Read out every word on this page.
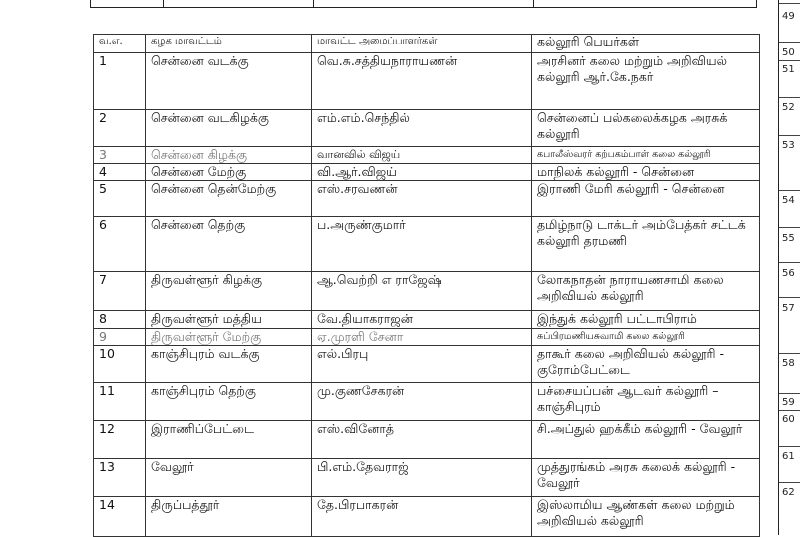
வ.எ.	கழக மாவட்டம்	மாவட்ட அமைப்பாளர்கள்	கல்லூரி பெயர்கள்
1	சென்னை வடக்கு	வெ.சு.சத்தியநாராயணன்	அரசினர் கலை மற்றும் அறிவியல் கல்லூரி ஆர்.கே.நகர்
2	சென்னை வடகிழக்கு	எம்.எம்.செந்தில்	சென்னைப் பல்கலைக்கழக அரசுக் கல்லூரி
3	சென்னை கிழக்கு	வானவில் விஜய்	கபாலீஸ்வரர் கற்பகம்பாள் கலை கல்லூரி
4	சென்னை மேற்கு	வி.ஆர்.விஜய்	மாநிலக் கல்லூரி - சென்னை
5	சென்னை தென்மேற்கு	எஸ்.சரவணன்	இராணி மேரி கல்லூரி - சென்னை
6	சென்னை தெற்கு	ப.அருண்குமார்	தமிழ்நாடு டாக்டர் அம்பேத்கர் சட்டக் கல்லூரி தரமணி
7	திருவள்ளூர் கிழக்கு	ஆ.வெற்றி எ ராஜேஷ்	லோகநாதன் நாராயணசாமி கலை அறிவியல் கல்லூரி
8	திருவள்ளூர் மத்திய	வே.தியாகராஜன்	இந்துக் கல்லூரி பட்டாபிராம்
9	திருவள்ளூர் மேற்கு	ஏ.முரளி சேனா	சுப்பிரமணியசுவாமி கலை கல்லூரி
10	காஞ்சிபுரம் வடக்கு	எல்.பிரபு	தாகூர் கலை அறிவியல் கல்லூரி - குரோம்பேட்டை
11	காஞ்சிபுரம் தெற்கு	மு.குணசேகரன்	பச்சையப்பன் ஆடவர் கல்லூரி – காஞ்சிபுரம்
12	இராணிப்பேட்டை	எஸ்.வினோத்	சி.அப்துல் ஹக்கீம் கல்லூரி - வேலூர்
13	வேலூர்	பி.எம்.தேவராஜ்	முத்துரங்கம் அரசு கலைக் கல்லூரி - வேலூர்
14	திருப்பத்தூர்	தே.பிரபாகரன்	இஸ்லாமிய ஆண்கள் கலை மற்றும் அறிவியல் கல்லூரி
49
50
51
52
53
54
55
56
57
58
59
60
61
62
